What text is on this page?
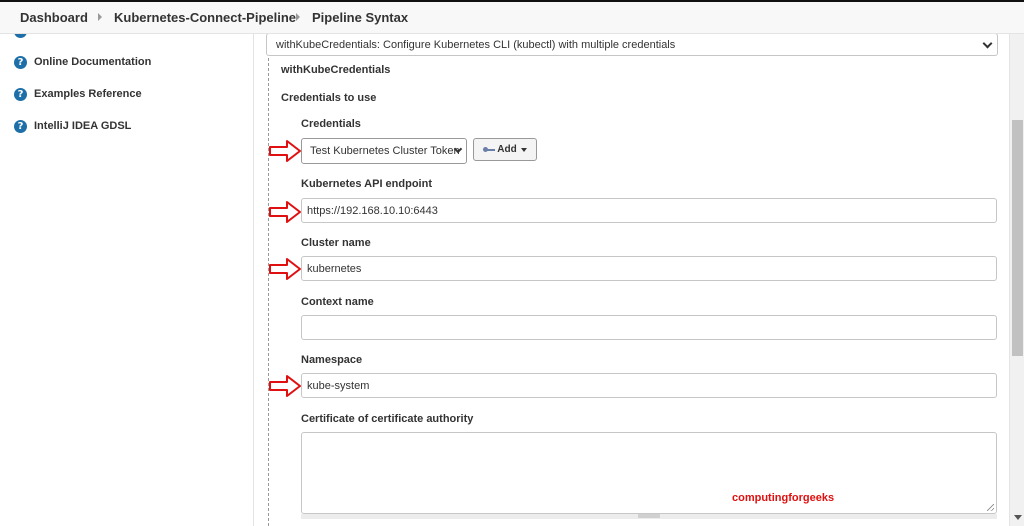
Dashboard Kubernetes-Connect-Pipeline Pipeline Syntax
? Online Documentation
? Examples Reference
? IntelliJ IDEA GDSL
withKubeCredentials: Configure Kubernetes CLI (kubectl) with multiple credentials
withKubeCredentials
Credentials to use
Credentials
Test Kubernetes Cluster Token	Add
Kubernetes API endpoint
https://192.168.10.10:6443
Cluster name
kubernetes
Context name
Namespace
kube-system
Certificate of certificate authority
computingforgeeks
